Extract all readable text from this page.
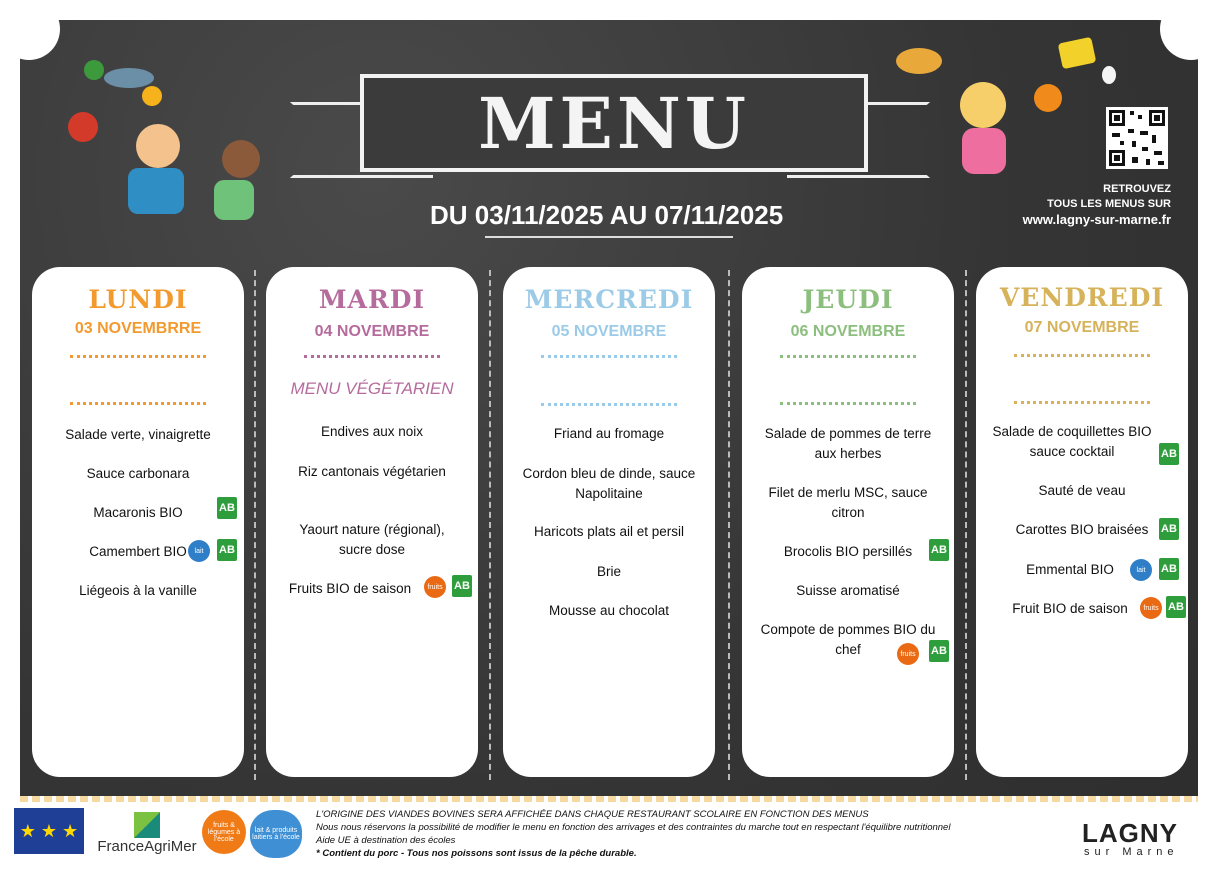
MENU
DU 03/11/2025 AU 07/11/2025
RETROUVEZ
TOUS LES MENUS SUR
www.lagny-sur-marne.fr
LUNDI
03 NOVEMBRRE
Salade verte, vinaigrette
Sauce carbonara
Macaronis BIO	AB
Camembert BIO	lait	AB
Liégeois à la vanille
MARDI
04 NOVEMBRE
MENU VÉGÉTARIEN
Endives aux noix
Riz cantonais végétarien
Yaourt nature (régional), sucre dose
Fruits BIO de saison	fruits	AB
MERCREDI
05 NOVEMBRE
Friand au fromage
Cordon bleu de dinde, sauce Napolitaine
Haricots plats ail et persil
Brie
Mousse au chocolat
JEUDI
06 NOVEMBRE
Salade de pommes de terre aux herbes
Filet de merlu MSC, sauce citron
Brocolis BIO persillés	AB
Suisse aromatisé
Compote de pommes BIO du chef	fruits	AB
VENDREDI
07 NOVEMBRE
Salade de coquillettes BIO sauce cocktail	AB
Sauté de veau
Carottes BIO braisées	AB
Emmental BIO	lait	AB
Fruit BIO de saison	fruits AB
★ ★ ★
FranceAgriMer
fruits & légumes à l'école
lait & produits laitiers à l'école
L'ORIGINE DES VIANDES BOVINES SERA AFFICHÉE DANS CHAQUE RESTAURANT SCOLAIRE EN FONCTION DES MENUS
Nous nous réservons la possibilité de modifier le menu en fonction des arrivages et des contraintes du marche tout en respectant l'équilibre nutritionnel
Aide UE à destination des écoles
* Contient du porc - Tous nos poissons sont issus de la pêche durable.
LAGNY
sur Marne
